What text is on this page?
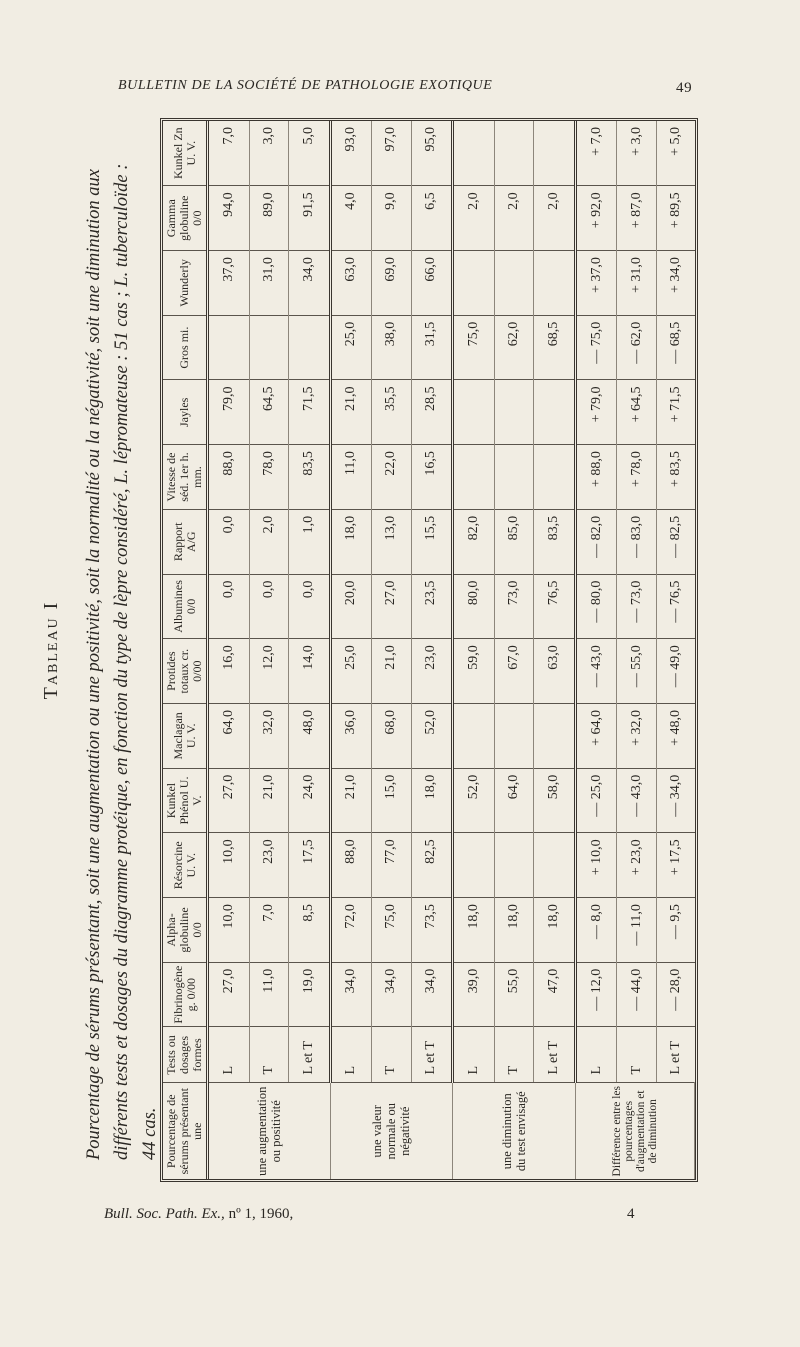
BULLETIN DE LA SOCIÉTÉ DE PATHOLOGIE EXOTIQUE	49
Tableau I Pourcentage de sérums présentant, soit une augmentation ou une positivité, soit la normalité ou la négativité, soit une diminution aux différents tests et dosages du diagramme protéique, en fonction du type de lèpre considéré, L. lépromateuse : 51 cas ; L. tuberculoïde : 44 cas. Pourcentage de sérums présentant une	Tests ou dosages formes	Fibrinogène g. 0/00	Alpha-globuline 0/0	Résorcine U. V.	Kunkel Phénol U. V.	Maclagan U. V.	Protides totaux cr. 0/00	Albumines 0/0	Rapport A/G	Vitesse de séd. 1er h. mm.	Jayles	Gros mi.	Wunderly	Gamma globuline 0/0	Kunkel Zn U. V.
une augmentation ou positivité	L	27,0	10,0	10,0	27,0	64,0	16,0	0,0	0,0	88,0	79,0		37,0	94,0	7,0
	T	11,0	7,0	23,0	21,0	32,0	12,0	0,0	2,0	78,0	64,5		31,0	89,0	3,0
	L et T	19,0	8,5	17,5	24,0	48,0	14,0	0,0	1,0	83,5	71,5		34,0	91,5	5,0
une valeur normale ou négativité	L	34,0	72,0	88,0	21,0	36,0	25,0	20,0	18,0	11,0	21,0	25,0	63,0	4,0	93,0
	T	34,0	75,0	77,0	15,0	68,0	21,0	27,0	13,0	22,0	35,5	38,0	69,0	9,0	97,0
	L et T	34,0	73,5	82,5	18,0	52,0	23,0	23,5	15,5	16,5	28,5	31,5	66,0	6,5	95,0
une diminution du test envisagé	L	39,0	18,0		52,0		59,0	80,0	82,0			75,0		2,0	
	T	55,0	18,0		64,0		67,0	73,0	85,0			62,0		2,0	
	L et T	47,0	18,0		58,0		63,0	76,5	83,5			68,5		2,0	
Différence entre les pourcentages d'augmentation et de diminution	L	— 12,0	— 8,0	+ 10,0	— 25,0	+ 64,0	— 43,0	— 80,0	— 82,0	+ 88,0	+ 79,0	— 75,0	+ 37,0	+ 92,0	+ 7,0
	T	— 44,0	— 11,0	+ 23,0	— 43,0	+ 32,0	— 55,0	— 73,0	— 83,0	+ 78,0	+ 64,5	— 62,0	+ 31,0	+ 87,0	+ 3,0
	L et T	— 28,0	— 9,5	+ 17,5	— 34,0	+ 48,0	— 49,0	— 76,5	— 82,5	+ 83,5	+ 71,5	— 68,5	+ 34,0	+ 89,5	+ 5,0
Bull. Soc. Path. Ex., nº 1, 1960,	4
